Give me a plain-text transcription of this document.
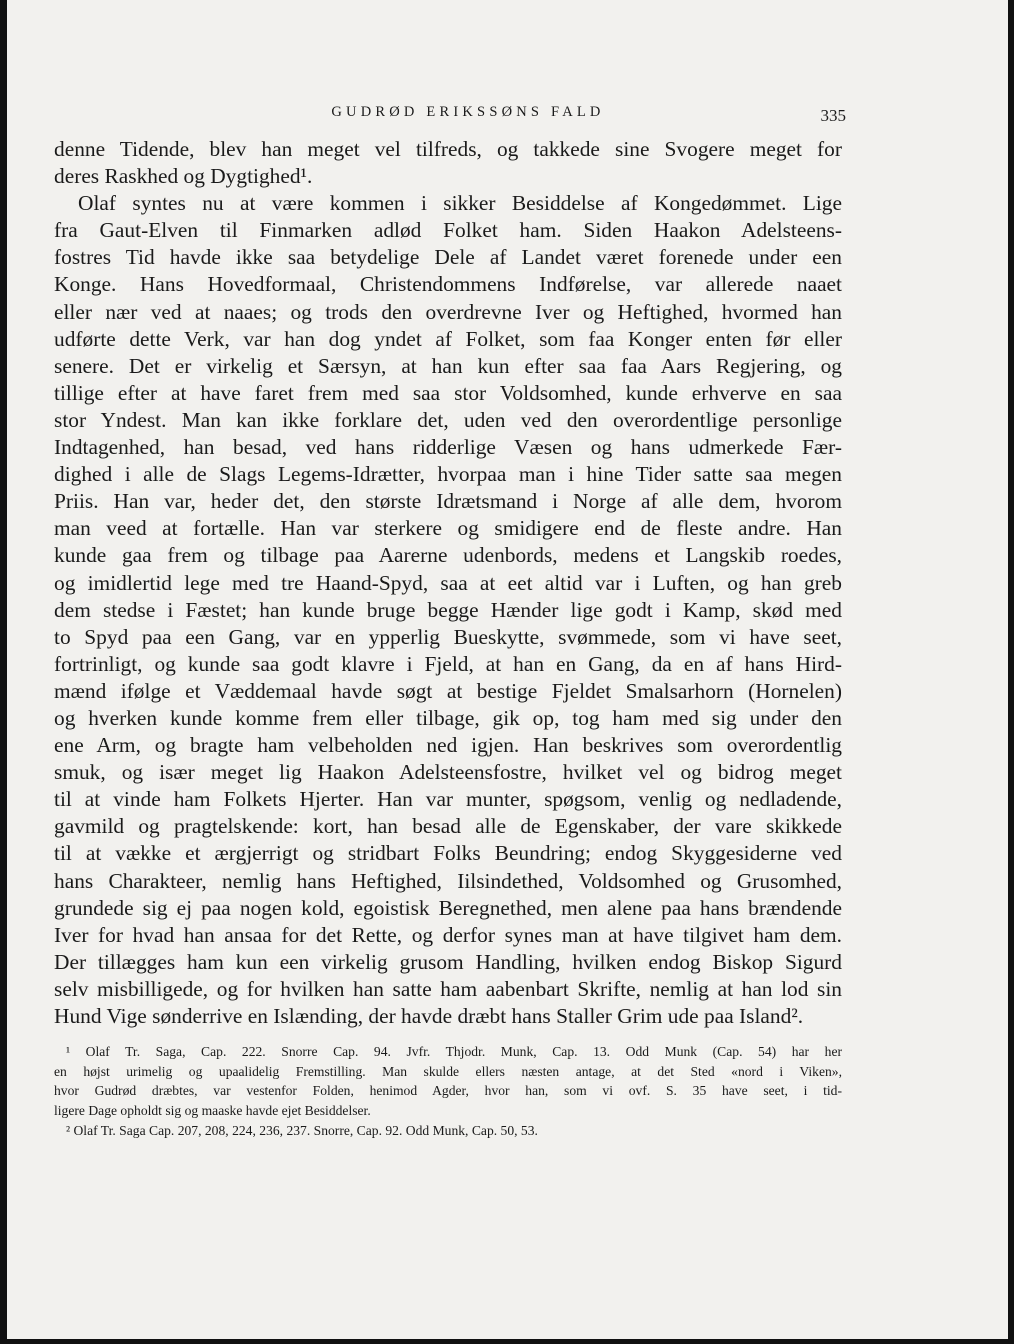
GUDRØD ERIKSSØNS FALD	335

denne Tidende, blev han meget vel tilfreds, og takkede sine Svogere meget for

deres Raskhed og Dygtighed¹.

Olaf syntes nu at være kommen i sikker Besiddelse af Kongedømmet. Lige

fra Gaut-Elven til Finmarken adlød Folket ham. Siden Haakon Adelsteens-

fostres Tid havde ikke saa betydelige Dele af Landet været forenede under een

Konge. Hans Hovedformaal, Christendommens Indførelse, var allerede naaet

eller nær ved at naaes; og trods den overdrevne Iver og Heftighed, hvormed han

udførte dette Verk, var han dog yndet af Folket, som faa Konger enten før eller

senere. Det er virkelig et Særsyn, at han kun efter saa faa Aars Regjering, og

tillige efter at have faret frem med saa stor Voldsomhed, kunde erhverve en saa

stor Yndest. Man kan ikke forklare det, uden ved den overordentlige personlige

Indtagenhed, han besad, ved hans ridderlige Væsen og hans udmerkede Fær-

dighed i alle de Slags Legems-Idrætter, hvorpaa man i hine Tider satte saa megen

Priis. Han var, heder det, den største Idrætsmand i Norge af alle dem, hvorom

man veed at fortælle. Han var sterkere og smidigere end de fleste andre. Han

kunde gaa frem og tilbage paa Aarerne udenbords, medens et Langskib roedes,

og imidlertid lege med tre Haand-Spyd, saa at eet altid var i Luften, og han greb

dem stedse i Fæstet; han kunde bruge begge Hænder lige godt i Kamp, skød med

to Spyd paa een Gang, var en ypperlig Bueskytte, svømmede, som vi have seet,

fortrinligt, og kunde saa godt klavre i Fjeld, at han en Gang, da en af hans Hird-

mænd ifølge et Væddemaal havde søgt at bestige Fjeldet Smalsarhorn (Hornelen)

og hverken kunde komme frem eller tilbage, gik op, tog ham med sig under den

ene Arm, og bragte ham velbeholden ned igjen. Han beskrives som overordentlig

smuk, og især meget lig Haakon Adelsteensfostre, hvilket vel og bidrog meget

til at vinde ham Folkets Hjerter. Han var munter, spøgsom, venlig og nedladende,

gavmild og pragtelskende: kort, han besad alle de Egenskaber, der vare skikkede

til at vække et ærgjerrigt og stridbart Folks Beundring; endog Skyggesiderne ved

hans Charakteer, nemlig hans Heftighed, Iilsindethed, Voldsomhed og Grusomhed,

grundede sig ej paa nogen kold, egoistisk Beregnethed, men alene paa hans brændende

Iver for hvad han ansaa for det Rette, og derfor synes man at have tilgivet ham dem.

Der tillægges ham kun een virkelig grusom Handling, hvilken endog Biskop Sigurd

selv misbilligede, og for hvilken han satte ham aabenbart Skrifte, nemlig at han lod sin

Hund Vige sønderrive en Islænding, der havde dræbt hans Staller Grim ude paa Island².

¹ Olaf Tr. Saga, Cap. 222. Snorre Cap. 94. Jvfr. Thjodr. Munk, Cap. 13. Odd Munk (Cap. 54) har her

en højst urimelig og upaalidelig Fremstilling. Man skulde ellers næsten antage, at det Sted «nord i Viken»,

hvor Gudrød dræbtes, var vestenfor Folden, henimod Agder, hvor han, som vi ovf. S. 35 have seet, i tid-

ligere Dage opholdt sig og maaske havde ejet Besiddelser.

² Olaf Tr. Saga Cap. 207, 208, 224, 236, 237. Snorre, Cap. 92. Odd Munk, Cap. 50, 53.
